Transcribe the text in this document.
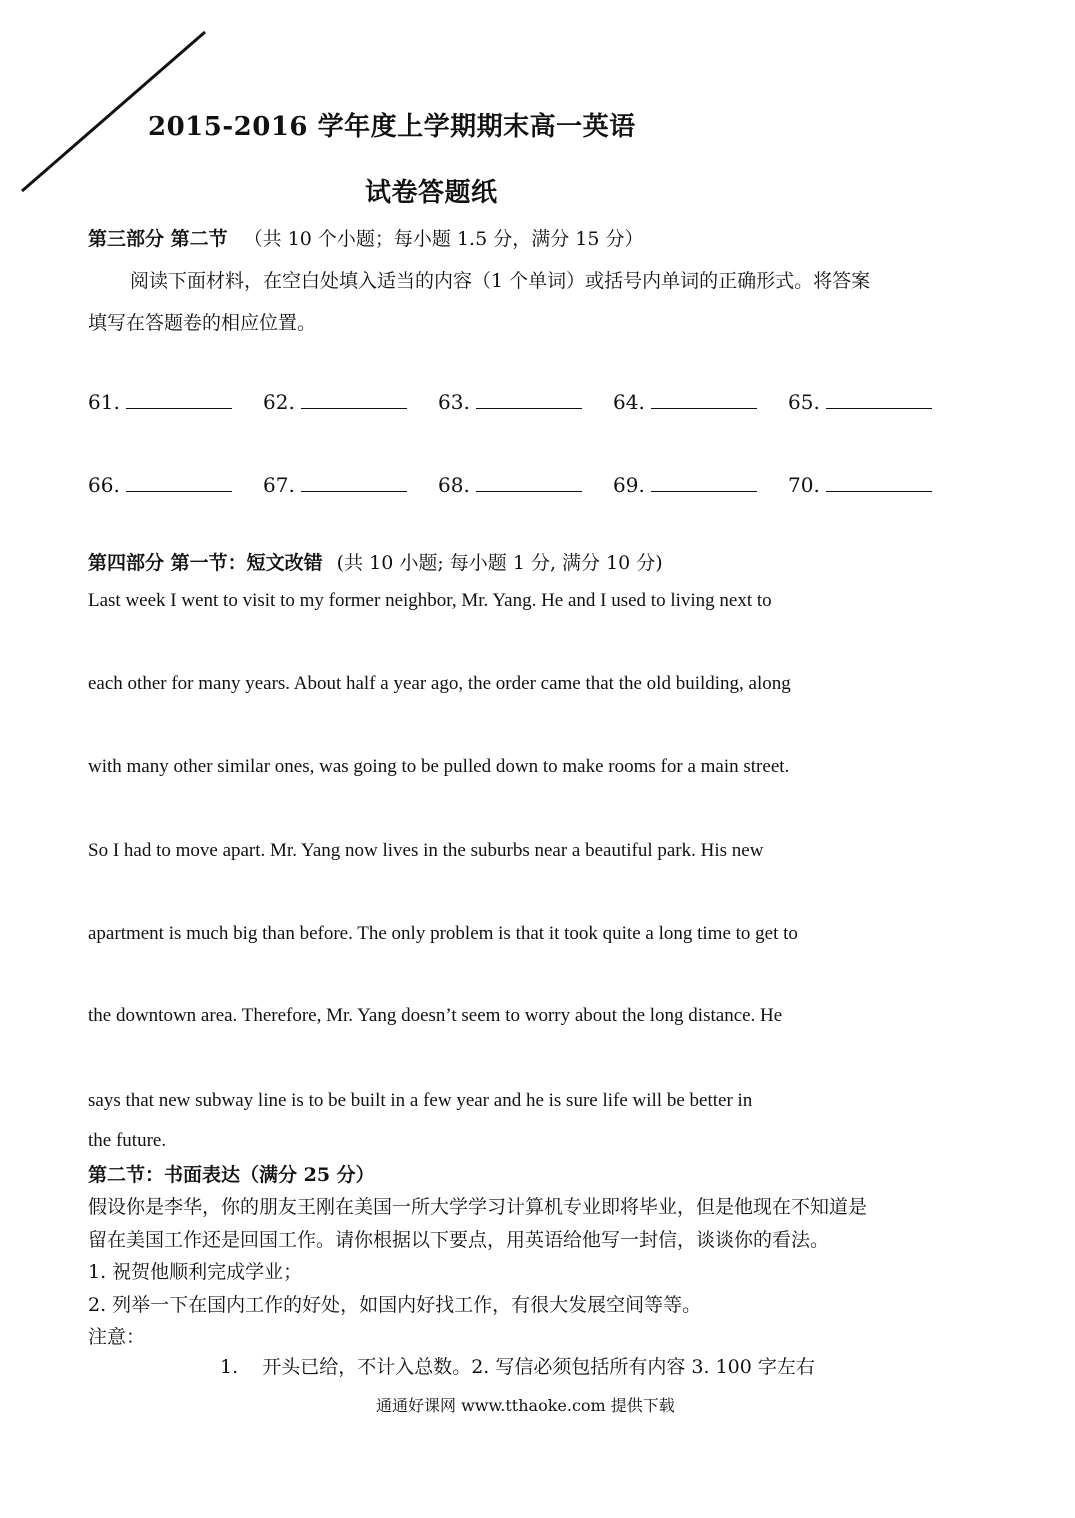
2015-2016 学年度上学期期末高一英语
试卷答题纸
第三部分 第二节 （共 10 个小题；每小题 1.5 分，满分 15 分）
阅读下面材料，在空白处填入适当的内容（1 个单词）或括号内单词的正确形式。将答案
填写在答题卷的相应位置。
61.	62.	63.	64.	65.
66.	67.	68.	69.	70.
第四部分 第一节：短文改错 (共 10 小题; 每小题 1 分, 满分 10 分)
Last week I went to visit to my former neighbor, Mr. Yang. He and I used to living next to
each other for many years. About half a year ago, the order came that the old building, along
with many other similar ones, was going to be pulled down to make rooms for a main street.
So I had to move apart. Mr. Yang now lives in the suburbs near a beautiful park. His new
apartment is much big than before. The only problem is that it took quite a long time to get to
the downtown area. Therefore, Mr. Yang doesn’t seem to worry about the long distance. He
says that new subway line is to be built in a few year and he is sure life will be better in
the future.
第二节：书面表达（满分 25 分）
假设你是李华，你的朋友王刚在美国一所大学学习计算机专业即将毕业，但是他现在不知道是
留在美国工作还是回国工作。请你根据以下要点，用英语给他写一封信，谈谈你的看法。
1. 祝贺他顺利完成学业；
2. 列举一下在国内工作的好处，如国内好找工作，有很大发展空间等等。
注意：
1. 开头已给，不计入总数。2. 写信必须包括所有内容 3. 100 字左右
通通好课网 www.tthaoke.com 提供下载
